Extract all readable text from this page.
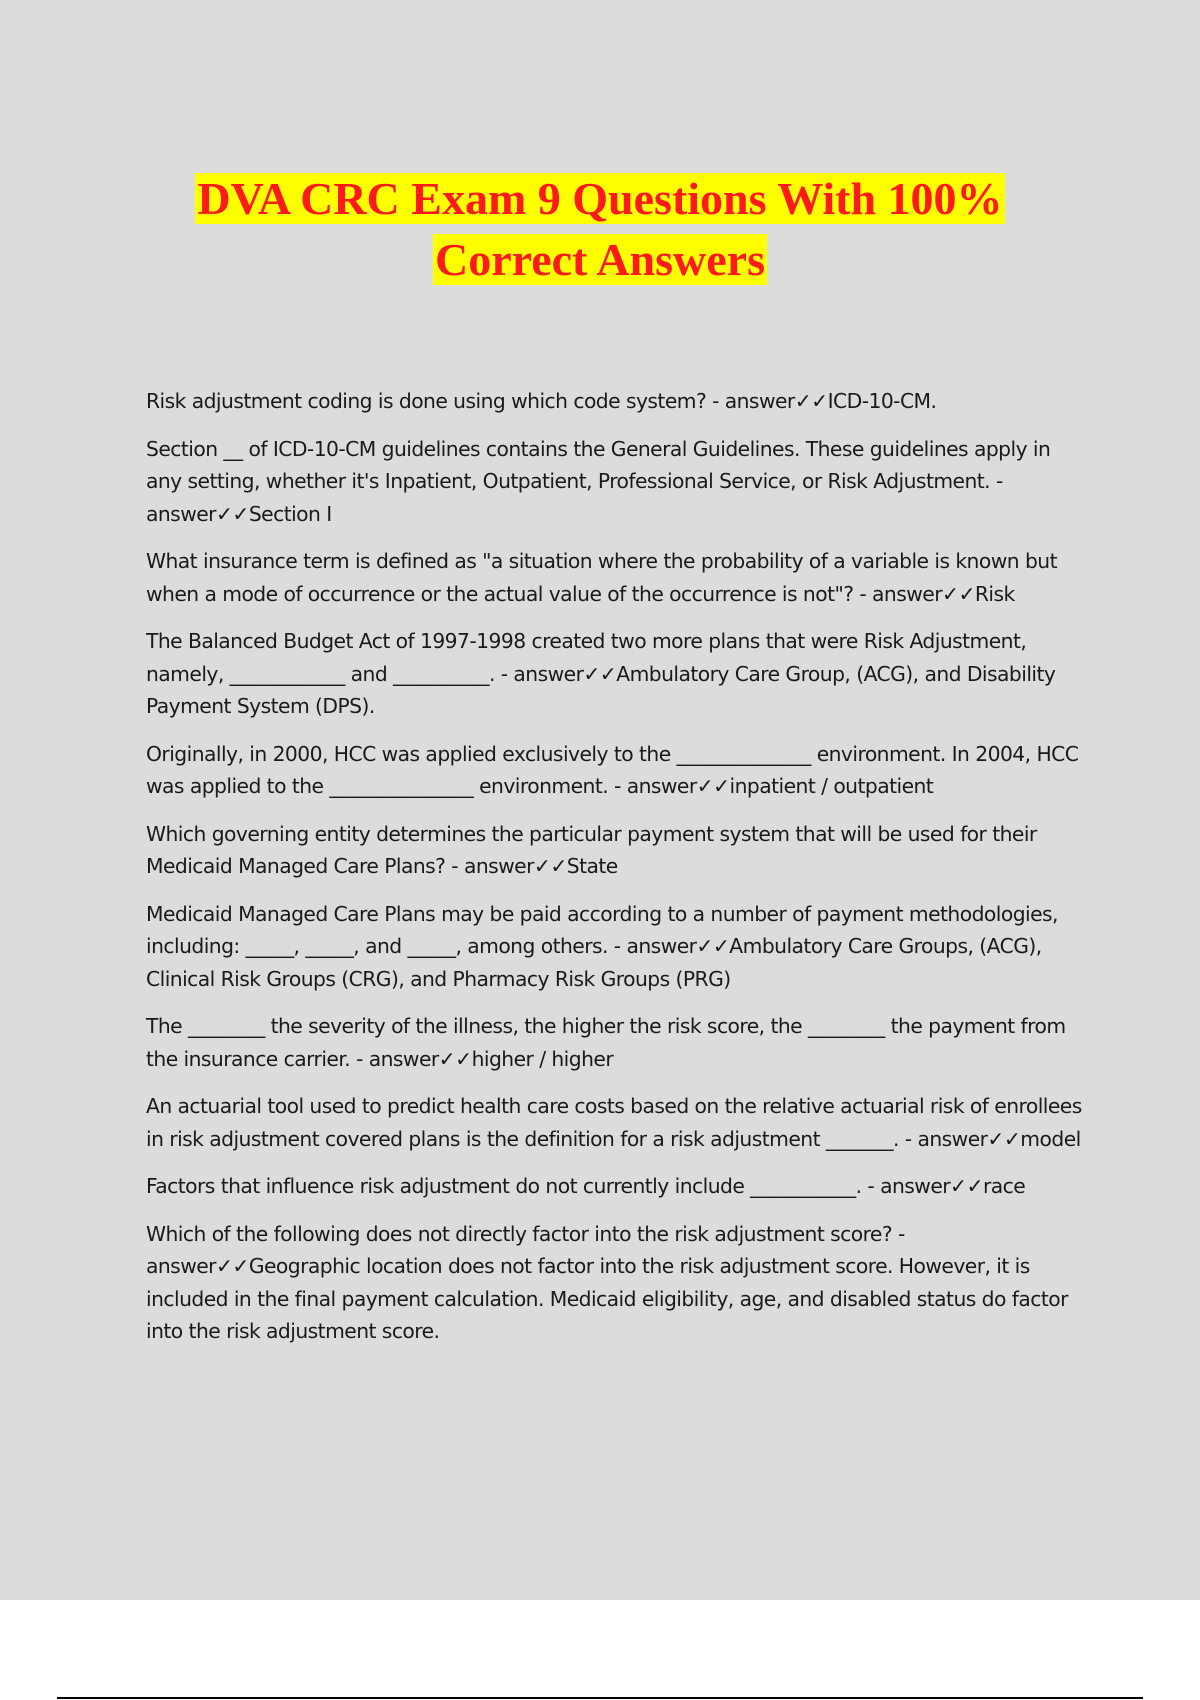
DVA CRC Exam 9 Questions With 100%
Correct Answers
Risk adjustment coding is done using which code system? - answer✓✓ICD-10-CM.
Section __ of ICD-10-CM guidelines contains the General Guidelines. These guidelines apply in any setting, whether it's Inpatient, Outpatient, Professional Service, or Risk Adjustment. - answer✓✓Section I
What insurance term is defined as "a situation where the probability of a variable is known but when a mode of occurrence or the actual value of the occurrence is not"? - answer✓✓Risk
The Balanced Budget Act of 1997-1998 created two more plans that were Risk Adjustment, namely, ____________ and __________. - answer✓✓Ambulatory Care Group, (ACG), and Disability Payment System (DPS).
Originally, in 2000, HCC was applied exclusively to the ______________ environment. In 2004, HCC was applied to the _______________ environment. - answer✓✓inpatient / outpatient
Which governing entity determines the particular payment system that will be used for their Medicaid Managed Care Plans? - answer✓✓State
Medicaid Managed Care Plans may be paid according to a number of payment methodologies, including: _____, _____, and _____, among others. - answer✓✓Ambulatory Care Groups, (ACG), Clinical Risk Groups (CRG), and Pharmacy Risk Groups (PRG)
The ________ the severity of the illness, the higher the risk score, the ________ the payment from the insurance carrier. - answer✓✓higher / higher
An actuarial tool used to predict health care costs based on the relative actuarial risk of enrollees in risk adjustment covered plans is the definition for a risk adjustment _______. - answer✓✓model
Factors that influence risk adjustment do not currently include ___________. - answer✓✓race
Which of the following does not directly factor into the risk adjustment score? - answer✓✓Geographic location does not factor into the risk adjustment score. However, it is included in the final payment calculation. Medicaid eligibility, age, and disabled status do factor into the risk adjustment score.
